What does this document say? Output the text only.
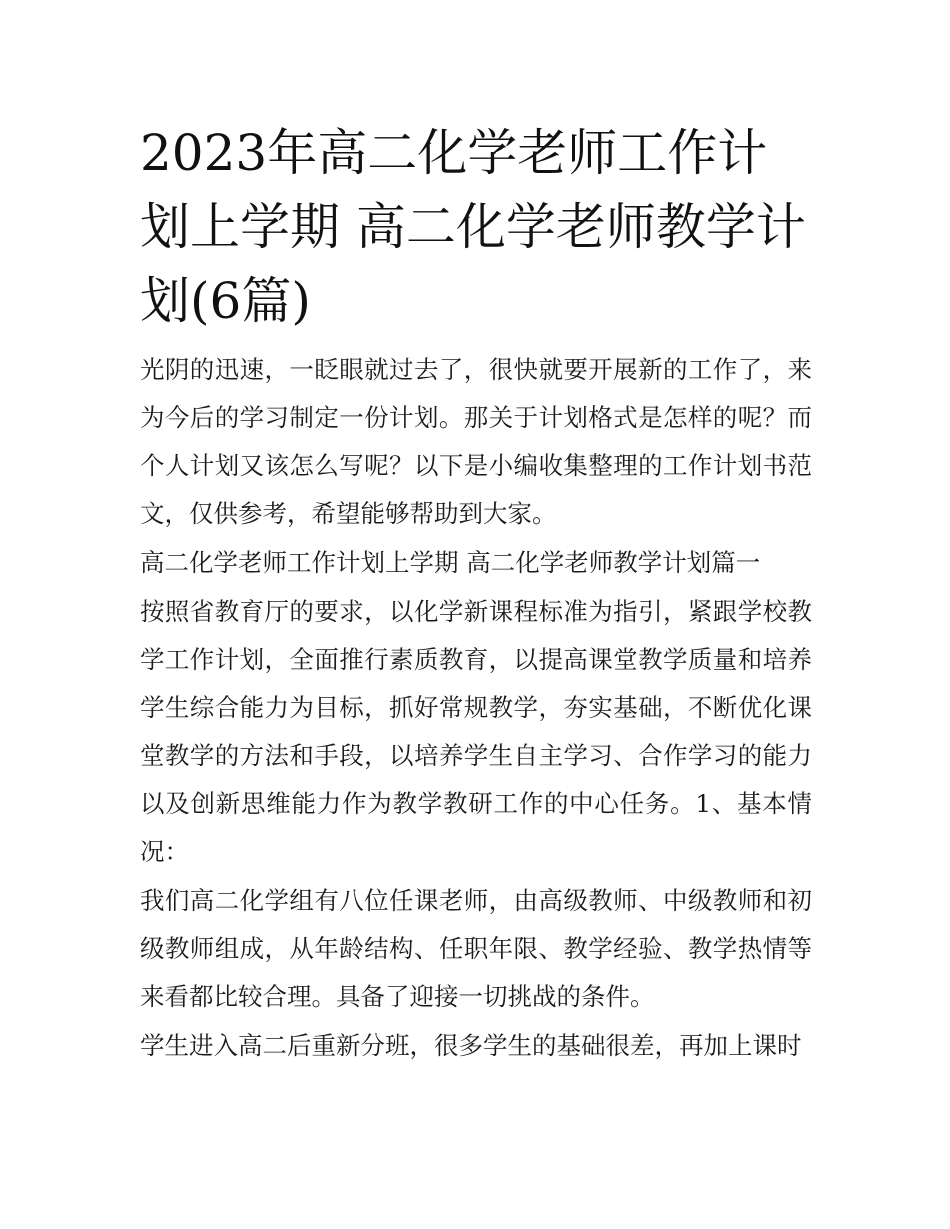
2023年高二化学老师工作计划上学期 高二化学老师教学计划(6篇)

光阴的迅速，一眨眼就过去了，很快就要开展新的工作了，来为今后的学习制定一份计划。那关于计划格式是怎样的呢？而个人计划又该怎么写呢？以下是小编收集整理的工作计划书范文，仅供参考，希望能够帮助到大家。

高二化学老师工作计划上学期 高二化学老师教学计划篇一

按照省教育厅的要求，以化学新课程标准为指引，紧跟学校教学工作计划，全面推行素质教育，以提高课堂教学质量和培养学生综合能力为目标，抓好常规教学，夯实基础，不断优化课堂教学的方法和手段，以培养学生自主学习、合作学习的能力以及创新思维能力作为教学教研工作的中心任务。1、基本情况：

我们高二化学组有八位任课老师，由高级教师、中级教师和初级教师组成，从年龄结构、任职年限、教学经验、教学热情等来看都比较合理。具备了迎接一切挑战的条件。

学生进入高二后重新分班，很多学生的基础很差，再加上课时
